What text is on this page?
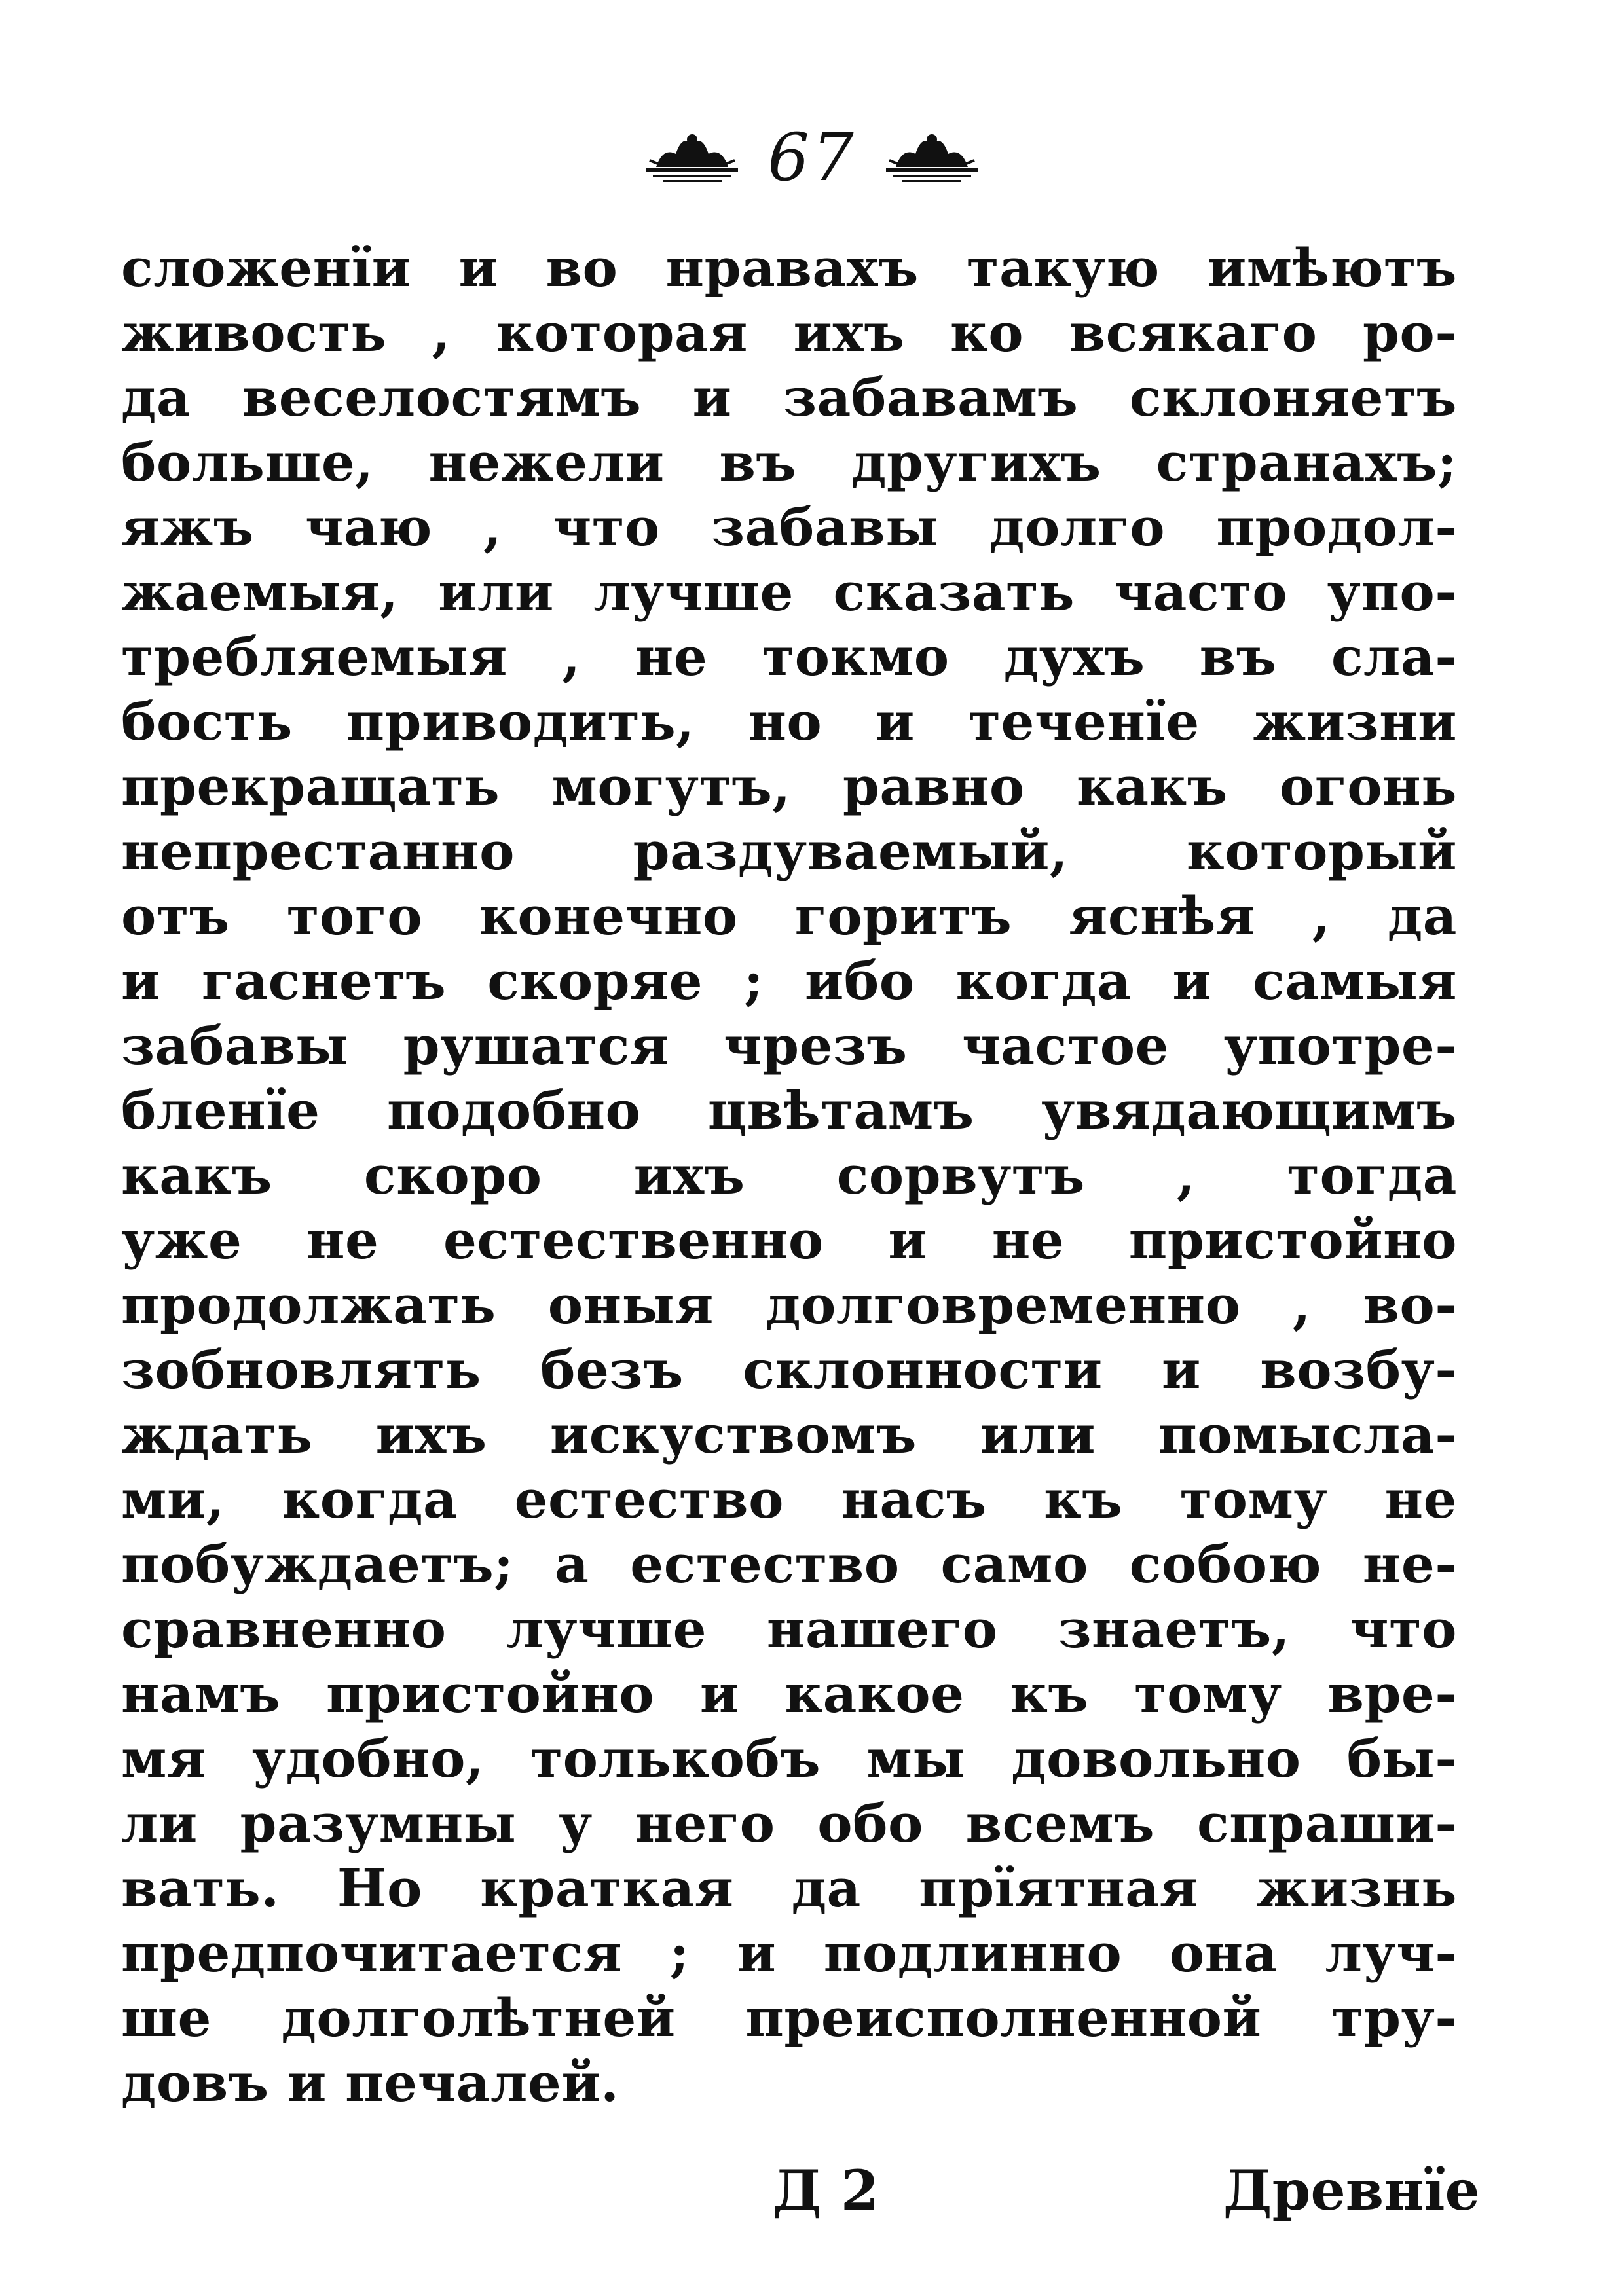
67
сложенїи и во нравахъ такую имѣютъ
живость , которая ихъ ко всякаго ро-
да веселостямъ и забавамъ склоняетъ
больше, нежели въ другихъ странахъ;
яжъ чаю , что забавы долго продол-
жаемыя, или лучше сказать часто упо-
требляемыя , не токмо духъ въ сла-
бость приводить, но и теченїе жизни
прекращать могутъ, равно какъ огонь
непрестанно раздуваемый, который
отъ того конечно горитъ яснѣя , да
и гаснетъ скоряе ; ибо когда и самыя
забавы рушатся чрезъ частое употре-
бленїе подобно цвѣтамъ увядающимъ
какъ скоро ихъ сорвутъ , тогда
уже не естественно и не пристойно
продолжать оныя долговременно , во-
зобновлять безъ склонности и возбу-
ждать ихъ искуствомъ или помысла-
ми, когда естество насъ къ тому не
побуждаетъ; а естество само собою не-
сравненно лучше нашего знаетъ, что
намъ пристойно и какое къ тому вре-
мя удобно, толькобъ мы довольно бы-
ли разумны у него обо всемъ спраши-
вать. Но краткая да прїятная жизнь
предпочитается ; и подлинно она луч-
ше долголѣтней преисполненной тру-
довъ и печалей.
Д 2	Древнїе
